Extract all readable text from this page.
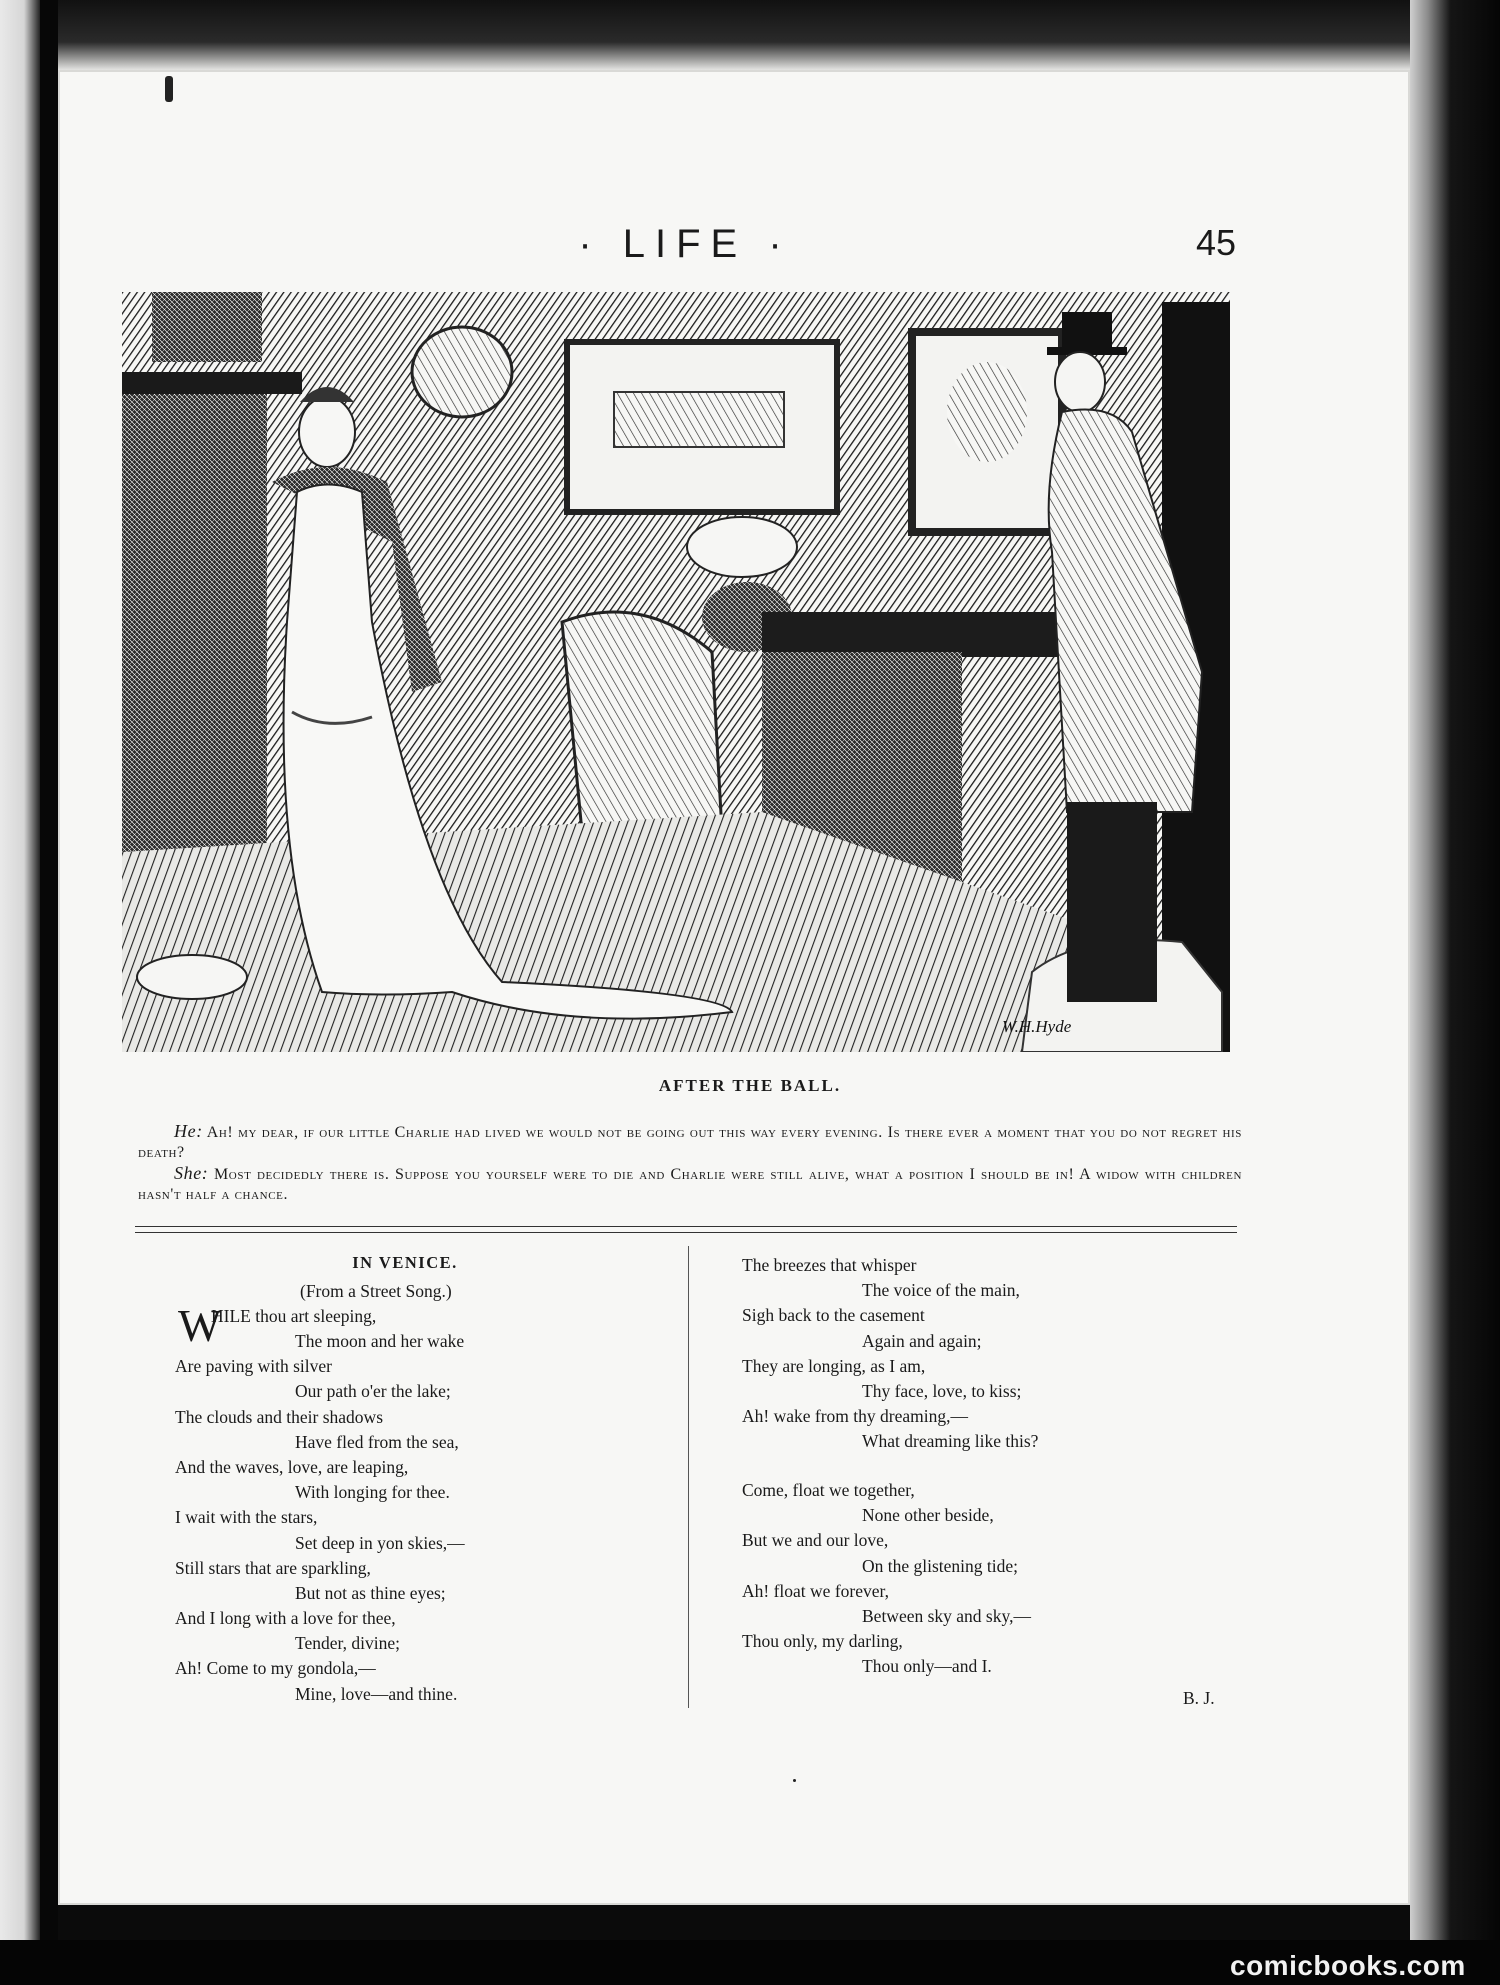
· LIFE ·	45
W.H.Hyde
AFTER THE BALL.

He: Ah! my dear, if our little Charlie had lived we would not be going out this way every evening. Is there ever a moment that you do not regret his death?

She: Most decidedly there is. Suppose you yourself were to die and Charlie were still alive, what a position I should be in! A widow with children hasn't half a chance.

IN VENICE.
(From a Street Song.)
W
HILE thou art sleeping,
The moon and her wake
Are paving with silver
Our path o'er the lake;
The clouds and their shadows
Have fled from the sea,
And the waves, love, are leaping,
With longing for thee.
I wait with the stars,
Set deep in yon skies,—
Still stars that are sparkling,
But not as thine eyes;
And I long with a love for thee,
Tender, divine;
Ah! Come to my gondola,—
Mine, love—and thine.
The breezes that whisper
The voice of the main,
Sigh back to the casement
Again and again;
They are longing, as I am,
Thy face, love, to kiss;
Ah! wake from thy dreaming,—
What dreaming like this?
Come, float we together,
None other beside,
But we and our love,
On the glistening tide;
Ah! float we forever,
Between sky and sky,—
Thou only, my darling,
Thou only—and I.
B. J.
comicbooks.com
